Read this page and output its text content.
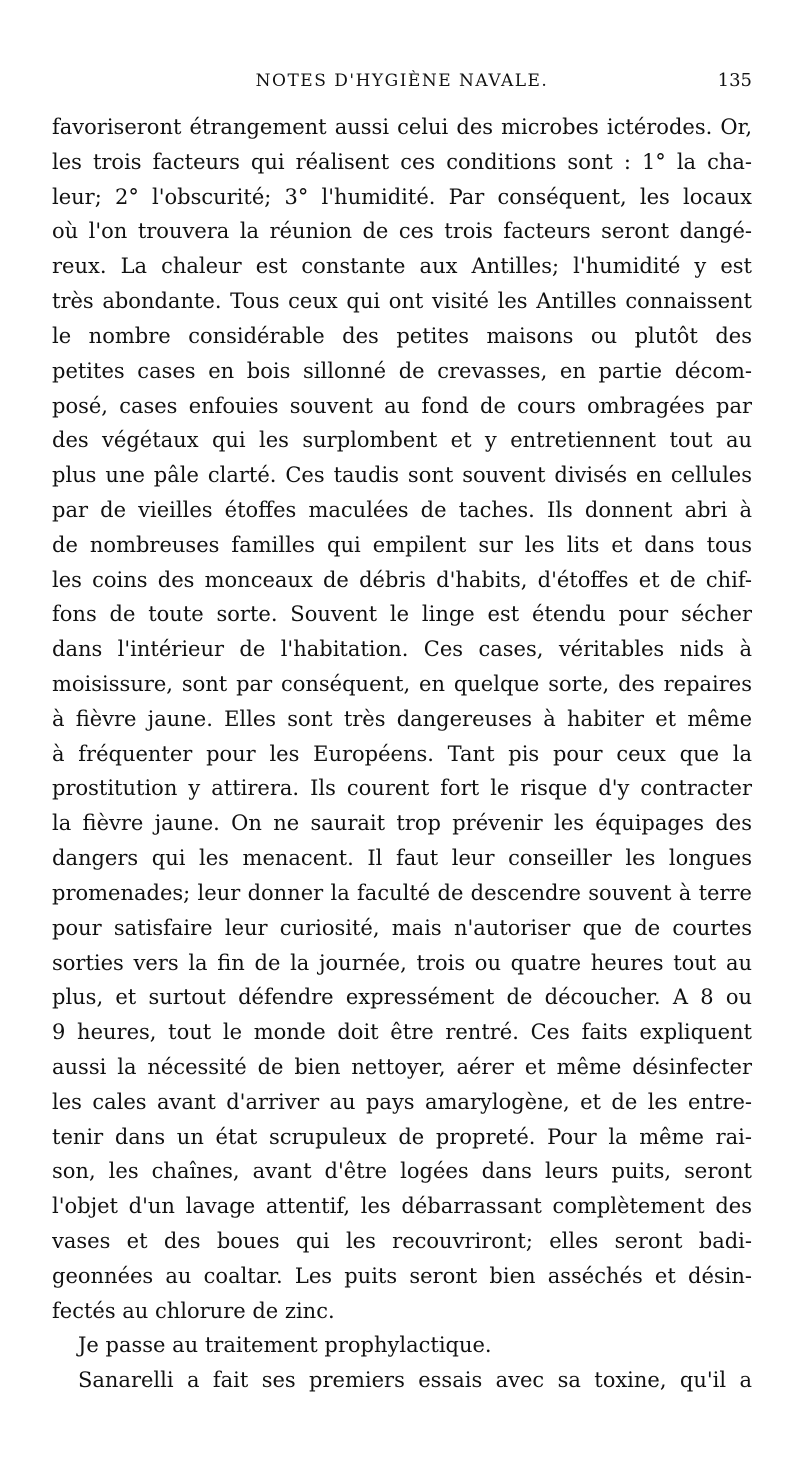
NOTES D'HYGIÈNE NAVALE.	135
favoriseront étrangement aussi celui des microbes ictérodes. Or,
les trois facteurs qui réalisent ces conditions sont : 1° la cha-
leur; 2° l'obscurité; 3° l'humidité. Par conséquent, les locaux
où l'on trouvera la réunion de ces trois facteurs seront dangé-
reux. La chaleur est constante aux Antilles; l'humidité y est
très abondante. Tous ceux qui ont visité les Antilles connaissent
le nombre considérable des petites maisons ou plutôt des
petites cases en bois sillonné de crevasses, en partie décom-
posé, cases enfouies souvent au fond de cours ombragées par
des végétaux qui les surplombent et y entretiennent tout au
plus une pâle clarté. Ces taudis sont souvent divisés en cellules
par de vieilles étoffes maculées de taches. Ils donnent abri à
de nombreuses familles qui empilent sur les lits et dans tous
les coins des monceaux de débris d'habits, d'étoffes et de chif-
fons de toute sorte. Souvent le linge est étendu pour sécher
dans l'intérieur de l'habitation. Ces cases, véritables nids à
moisissure, sont par conséquent, en quelque sorte, des repaires
à fièvre jaune. Elles sont très dangereuses à habiter et même
à fréquenter pour les Européens. Tant pis pour ceux que la
prostitution y attirera. Ils courent fort le risque d'y contracter
la fièvre jaune. On ne saurait trop prévenir les équipages des
dangers qui les menacent. Il faut leur conseiller les longues
promenades; leur donner la faculté de descendre souvent à terre
pour satisfaire leur curiosité, mais n'autoriser que de courtes
sorties vers la fin de la journée, trois ou quatre heures tout au
plus, et surtout défendre expressément de découcher. A 8 ou
9 heures, tout le monde doit être rentré. Ces faits expliquent
aussi la nécessité de bien nettoyer, aérer et même désinfecter
les cales avant d'arriver au pays amarylogène, et de les entre-
tenir dans un état scrupuleux de propreté. Pour la même rai-
son, les chaînes, avant d'être logées dans leurs puits, seront
l'objet d'un lavage attentif, les débarrassant complètement des
vases et des boues qui les recouvriront; elles seront badi-
geonnées au coaltar. Les puits seront bien asséchés et désin-
fectés au chlorure de zinc.
Je passe au traitement prophylactique.
Sanarelli a fait ses premiers essais avec sa toxine, qu'il a
